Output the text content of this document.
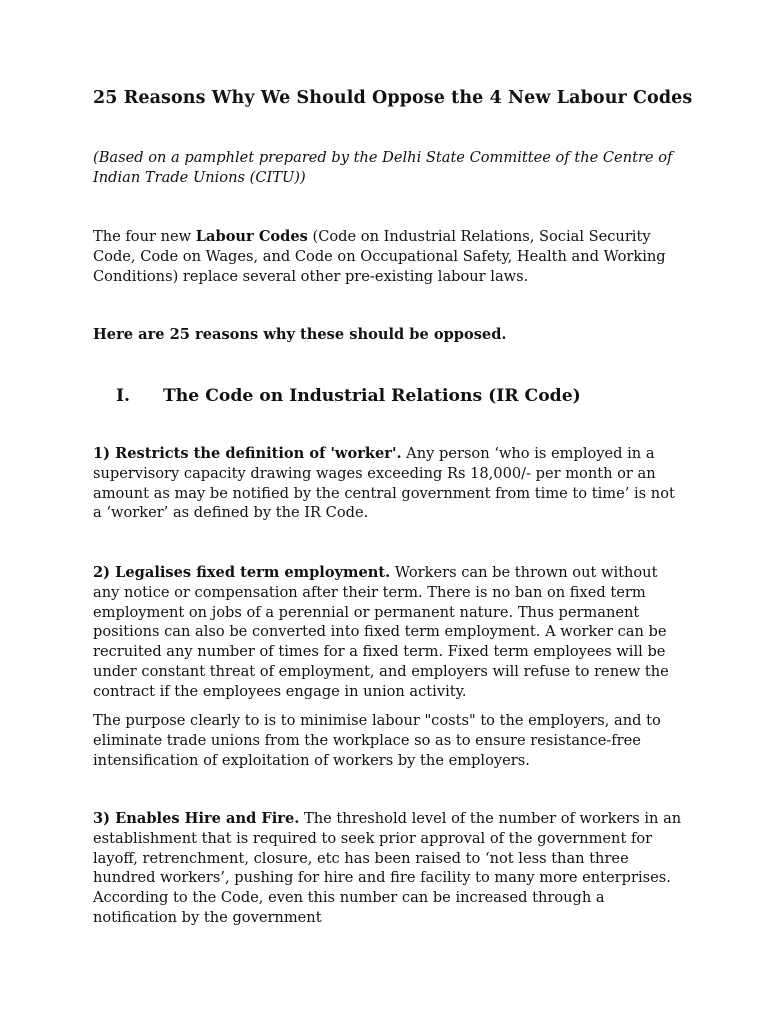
25 Reasons Why We Should Oppose the 4 New Labour Codes

(Based on a pamphlet prepared by the Delhi State Committee of the Centre of Indian Trade Unions (CITU))

The four new Labour Codes (Code on Industrial Relations, Social Security Code, Code on Wages, and Code on Occupational Safety, Health and Working Conditions) replace several other pre-existing labour laws.

Here are 25 reasons why these should be opposed.

I. The Code on Industrial Relations (IR Code)

1) Restricts the definition of 'worker'. Any person ‘who is employed in a supervisory capacity drawing wages exceeding Rs 18,000/- per month or an amount as may be notified by the central government from time to time’ is not a ‘worker’ as defined by the IR Code.

2) Legalises fixed term employment. Workers can be thrown out without any notice or compensation after their term. There is no ban on fixed term employment on jobs of a perennial or permanent nature. Thus permanent positions can also be converted into fixed term employment. A worker can be recruited any number of times for a fixed term. Fixed term employees will be under constant threat of employment, and employers will refuse to renew the contract if the employees engage in union activity.

The purpose clearly to is to minimise labour "costs" to the employers, and to eliminate trade unions from the workplace so as to ensure resistance-free intensification of exploitation of workers by the employers.

3) Enables Hire and Fire. The threshold level of the number of workers in an establishment that is required to seek prior approval of the government for layoff, retrenchment, closure, etc has been raised to ‘not less than three hundred workers’, pushing for hire and fire facility to many more enterprises. According to the Code, even this number can be increased through a notification by the government
